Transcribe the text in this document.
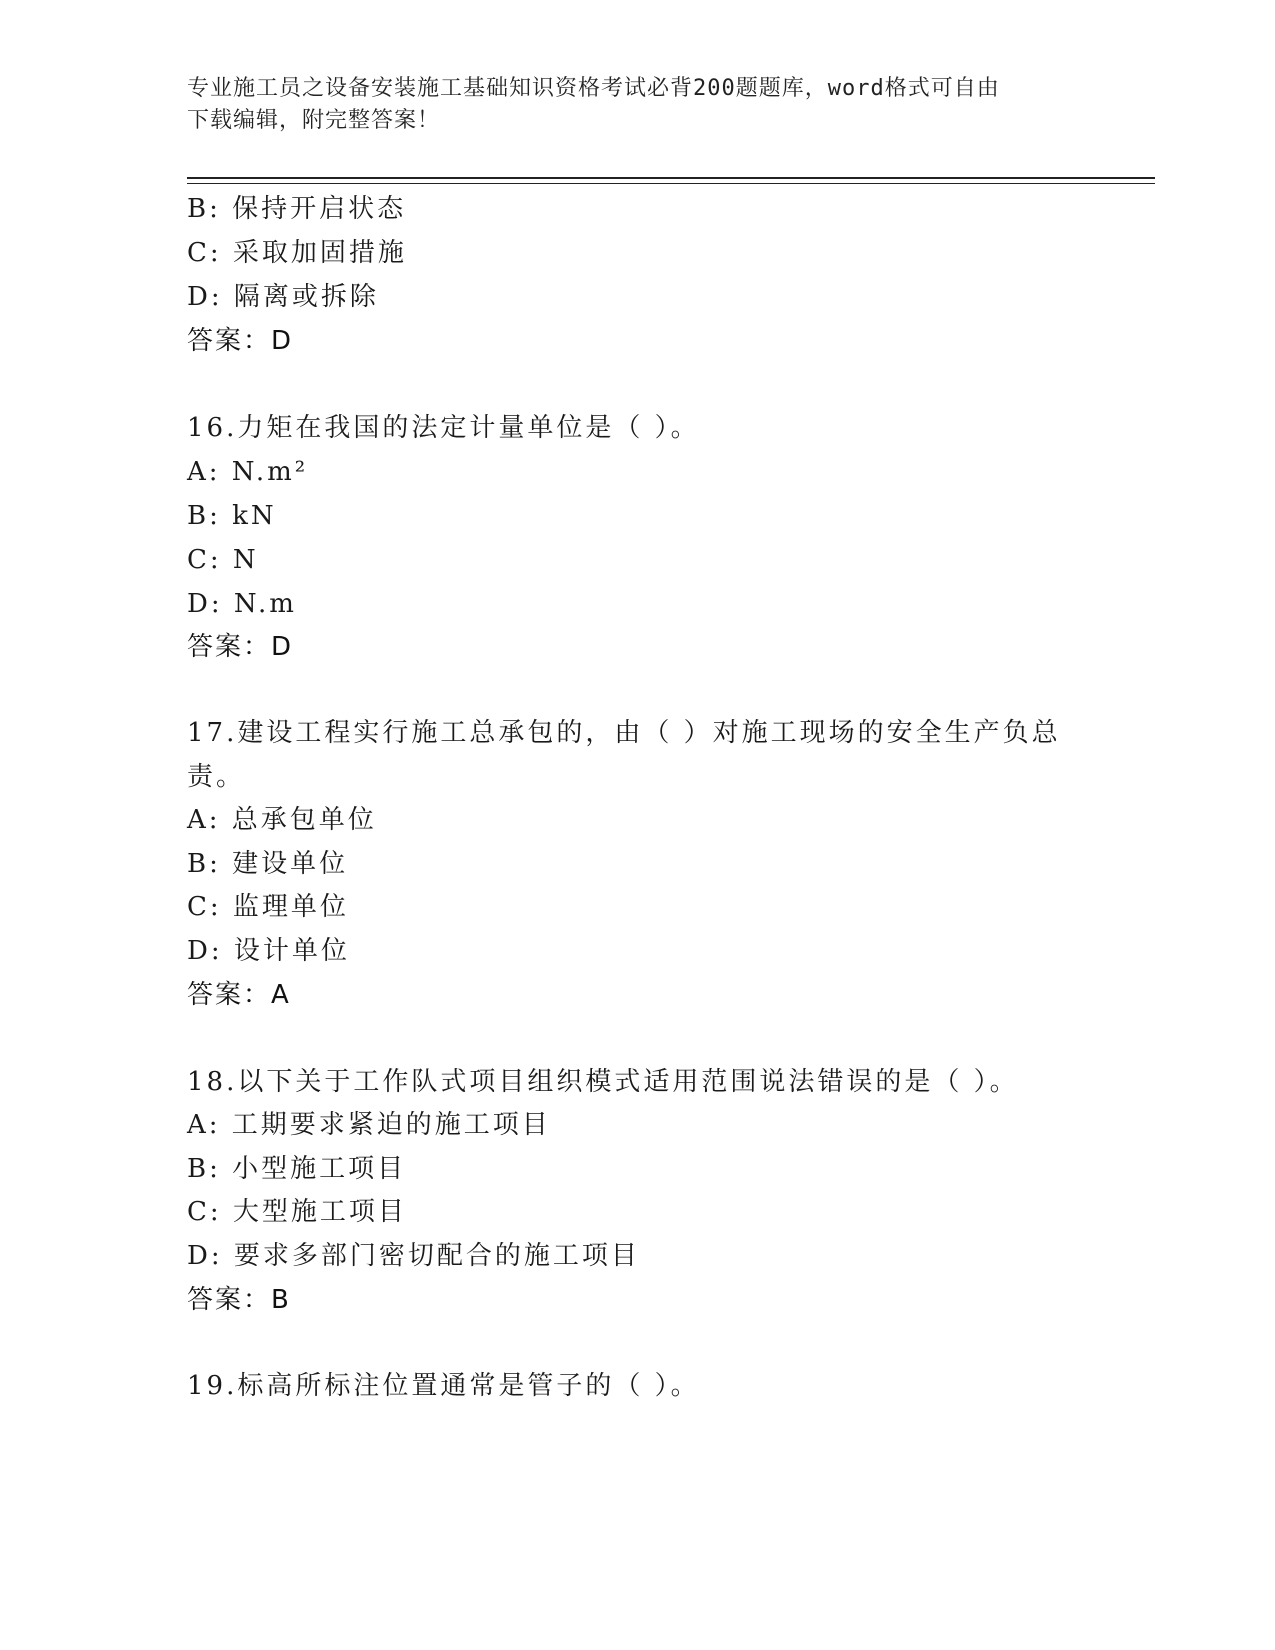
专业施工员之设备安装施工基础知识资格考试必背200题题库，word格式可自由
下载编辑，附完整答案！
B: 保持开启状态
C: 采取加固措施
D: 隔离或拆除
答案：D
16.力矩在我国的法定计量单位是（ ）。
A: N.m²
B: kN
C: N
D: N.m
答案：D
17.建设工程实行施工总承包的，由（ ）对施工现场的安全生产负总
责。
A: 总承包单位
B: 建设单位
C: 监理单位
D: 设计单位
答案：A
18.以下关于工作队式项目组织模式适用范围说法错误的是（ ）。
A: 工期要求紧迫的施工项目
B: 小型施工项目
C: 大型施工项目
D: 要求多部门密切配合的施工项目
答案：B
19.标高所标注位置通常是管子的（ ）。
